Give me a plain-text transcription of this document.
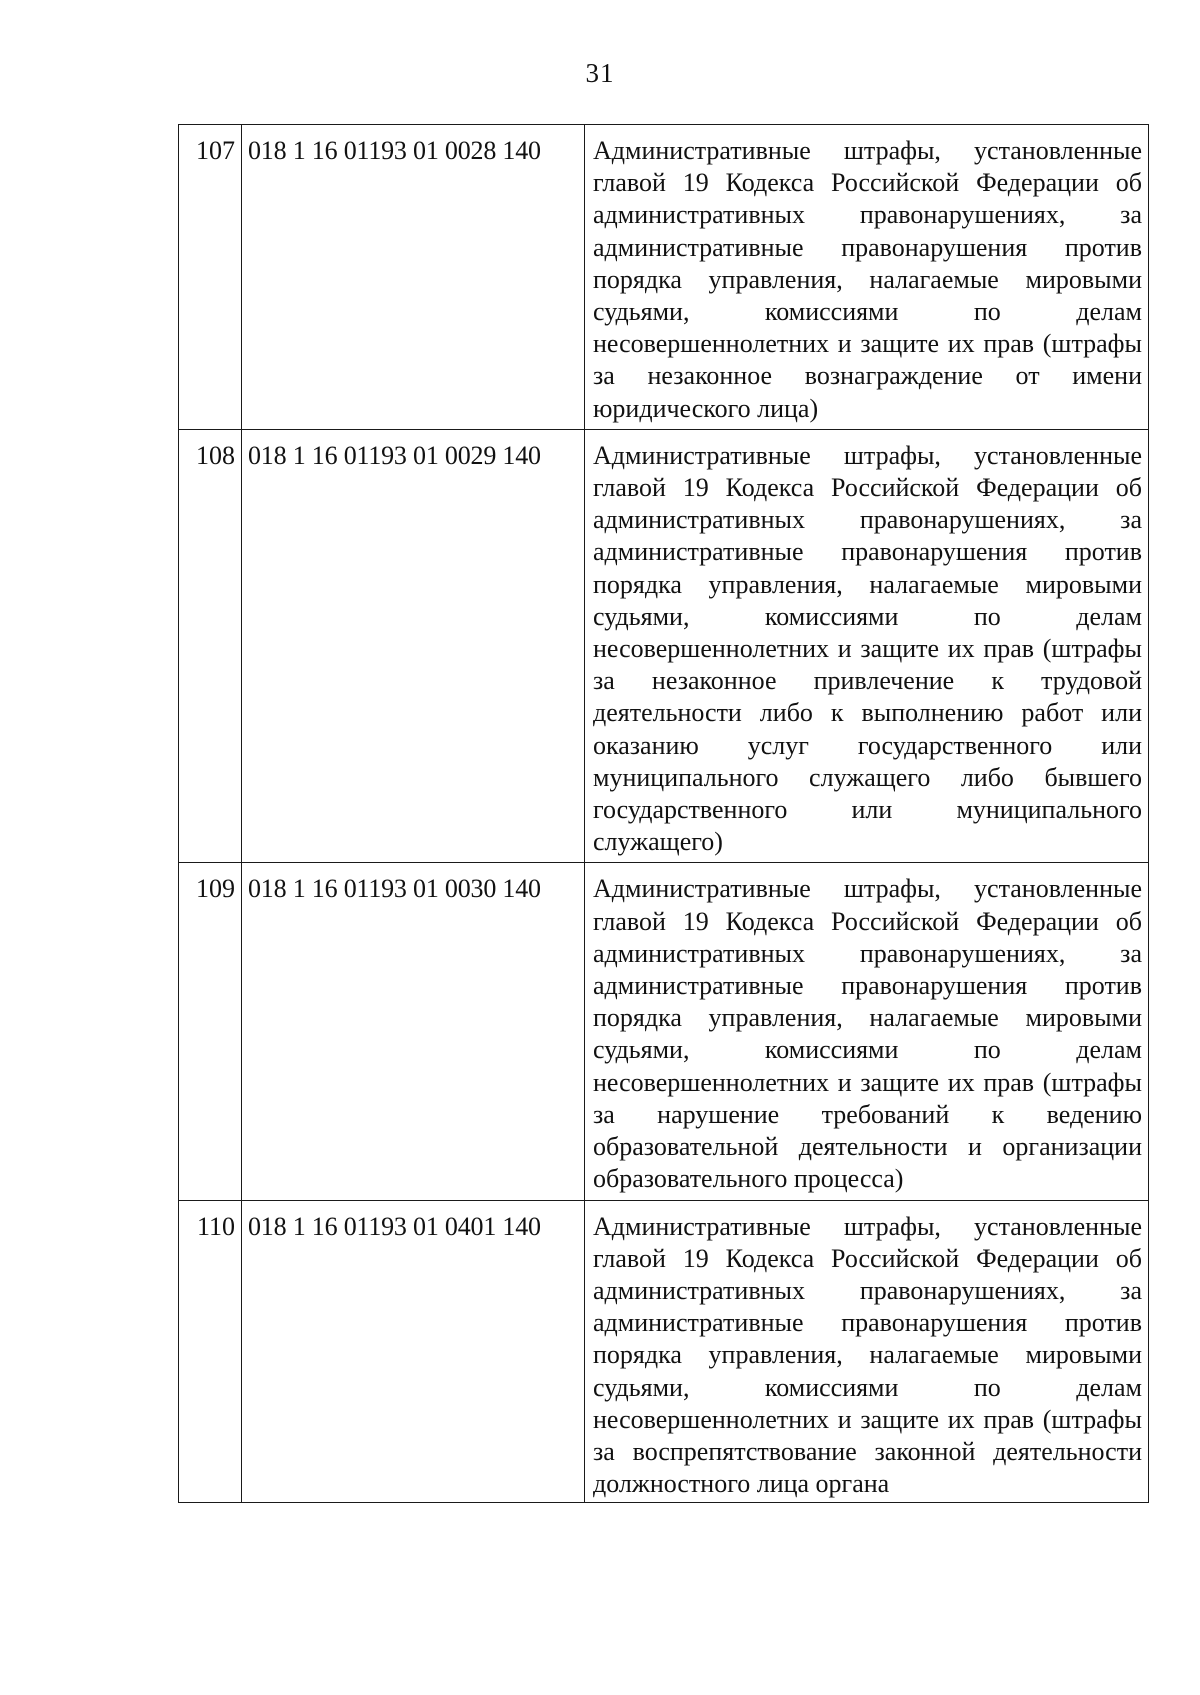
31
107	018 1 16 01193 01 0028 140	Административные штрафы, установленные главой 19 Кодекса Российской Федерации об административных правонарушениях, за административные правонарушения против порядка управления, налагаемые мировыми судьями, комиссиями по делам несовершеннолетних и защите их прав (штрафы за незаконное вознаграждение от имени юридического лица)
108	018 1 16 01193 01 0029 140	Административные штрафы, установленные главой 19 Кодекса Российской Федерации об административных правонарушениях, за административные правонарушения против порядка управления, налагаемые мировыми судьями, комиссиями по делам несовершеннолетних и защите их прав (штрафы за незаконное привлечение к трудовой деятельности либо к выполнению работ или оказанию услуг государственного или муниципального служащего либо бывшего государственного или муниципального служащего)
109	018 1 16 01193 01 0030 140	Административные штрафы, установленные главой 19 Кодекса Российской Федерации об административных правонарушениях, за административные правонарушения против порядка управления, налагаемые мировыми судьями, комиссиями по делам несовершеннолетних и защите их прав (штрафы за нарушение требований к ведению образовательной деятельности и организации образовательного процесса)
110	018 1 16 01193 01 0401 140	Административные штрафы, установленные главой 19 Кодекса Российской Федерации об административных правонарушениях, за административные правонарушения против порядка управления, налагаемые мировыми судьями, комиссиями по делам несовершеннолетних и защите их прав (штрафы за воспрепятствование законной деятельности должностного лица органа
